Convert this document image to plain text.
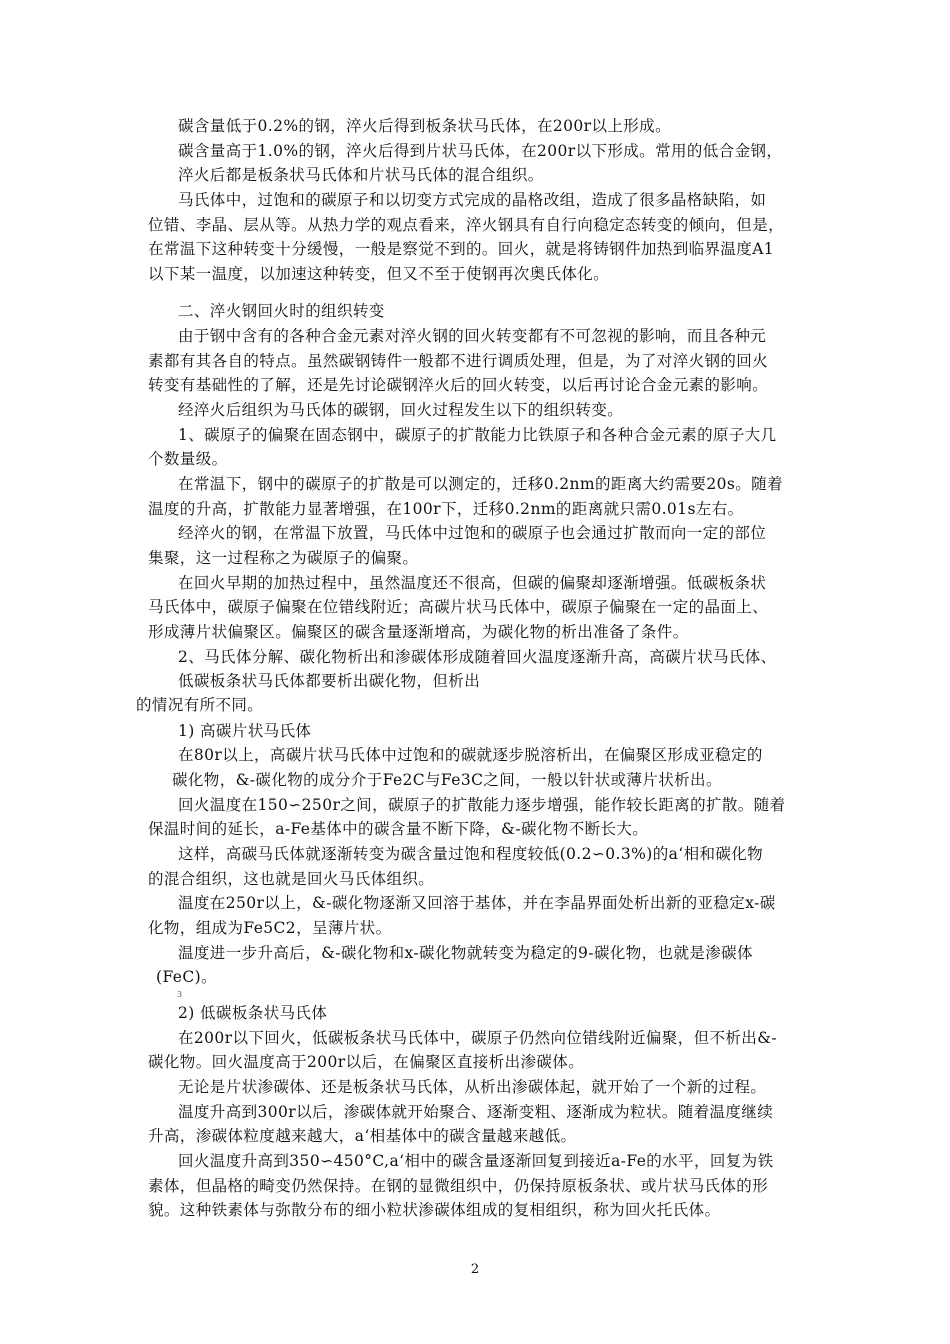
碳含量低于0.2%的钢，淬火后得到板条状马氏体，在200r以上形成。
碳含量高于1.0%的钢，淬火后得到片状马氏体，在200r以下形成。常用的低合金钢，
淬火后都是板条状马氏体和片状马氏体的混合组织。
马氏体中，过饱和的碳原子和以切变方式完成的晶格改组，造成了很多晶格缺陷，如
位错、李晶、层从等。从热力学的观点看来，淬火钢具有自行向稳定态转变的倾向，但是，
在常温下这种转变十分缓慢，一般是察觉不到的。回火，就是将铸钢件加热到临界温度A1
以下某一温度，以加速这种转变，但又不至于使钢再次奥氏体化。
二、淬火钢回火时的组织转变
由于钢中含有的各种合金元素对淬火钢的回火转变都有不可忽视的影响，而且各种元
素都有其各自的特点。虽然碳钢铸件一般都不进行调质处理，但是，为了对淬火钢的回火
转变有基础性的了解，还是先讨论碳钢淬火后的回火转变，以后再讨论合金元素的影响。
经淬火后组织为马氏体的碳钢，回火过程发生以下的组织转变。
1、碳原子的偏聚在固态钢中，碳原子的扩散能力比铁原子和各种合金元素的原子大几
个数量级。
在常温下，钢中的碳原子的扩散是可以测定的，迁移0.2nm的距离大约需要20s。随着
温度的升高，扩散能力显著增强，在100r下，迁移0.2nm的距离就只需0.01s左右。
经淬火的钢，在常温下放置，马氏体中过饱和的碳原子也会通过扩散而向一定的部位
集聚，这一过程称之为碳原子的偏聚。
在回火早期的加热过程中，虽然温度还不很高，但碳的偏聚却逐渐增强。低碳板条状
马氏体中，碳原子偏聚在位错线附近；高碳片状马氏体中，碳原子偏聚在一定的晶面上、
形成薄片状偏聚区。偏聚区的碳含量逐渐增高，为碳化物的析出准备了条件。
2、马氏体分解、碳化物析出和渗碳体形成随着回火温度逐渐升高，高碳片状马氏体、
低碳板条状马氏体都要析出碳化物，但析出
的情况有所不同。
1) 高碳片状马氏体
在80r以上，高碳片状马氏体中过饱和的碳就逐步脱溶析出，在偏聚区形成亚稳定的
碳化物，&-碳化物的成分介于Fe2C与Fe3C之间，一般以针状或薄片状析出。
回火温度在150∽250r之间，碳原子的扩散能力逐步增强，能作较长距离的扩散。随着
保温时间的延长，a-Fe基体中的碳含量不断下降，&-碳化物不断长大。
这样，高碳马氏体就逐渐转变为碳含量过饱和程度较低(0.2∽0.3%)的a‘相和碳化物
的混合组织，这也就是回火马氏体组织。
温度在250r以上，&-碳化物逐渐又回溶于基体，并在李晶界面处析出新的亚稳定x-碳
化物，组成为Fe5C2，呈薄片状。
温度进一步升高后，&-碳化物和x-碳化物就转变为稳定的9-碳化物，也就是渗碳体
(FeC)。
3
2) 低碳板条状马氏体
在200r以下回火，低碳板条状马氏体中，碳原子仍然向位错线附近偏聚，但不析出&-
碳化物。回火温度高于200r以后，在偏聚区直接析出渗碳体。
无论是片状渗碳体、还是板条状马氏体，从析出渗碳体起，就开始了一个新的过程。
温度升高到300r以后，渗碳体就开始聚合、逐渐变粗、逐渐成为粒状。随着温度继续
升高，渗碳体粒度越来越大，a‘相基体中的碳含量越来越低。
回火温度升高到350∽450°C,a‘相中的碳含量逐渐回复到接近a-Fe的水平，回复为铁
素体，但晶格的畸变仍然保持。在钢的显微组织中，仍保持原板条状、或片状马氏体的形
貌。这种铁素体与弥散分布的细小粒状渗碳体组成的复相组织，称为回火托氏体。
2
